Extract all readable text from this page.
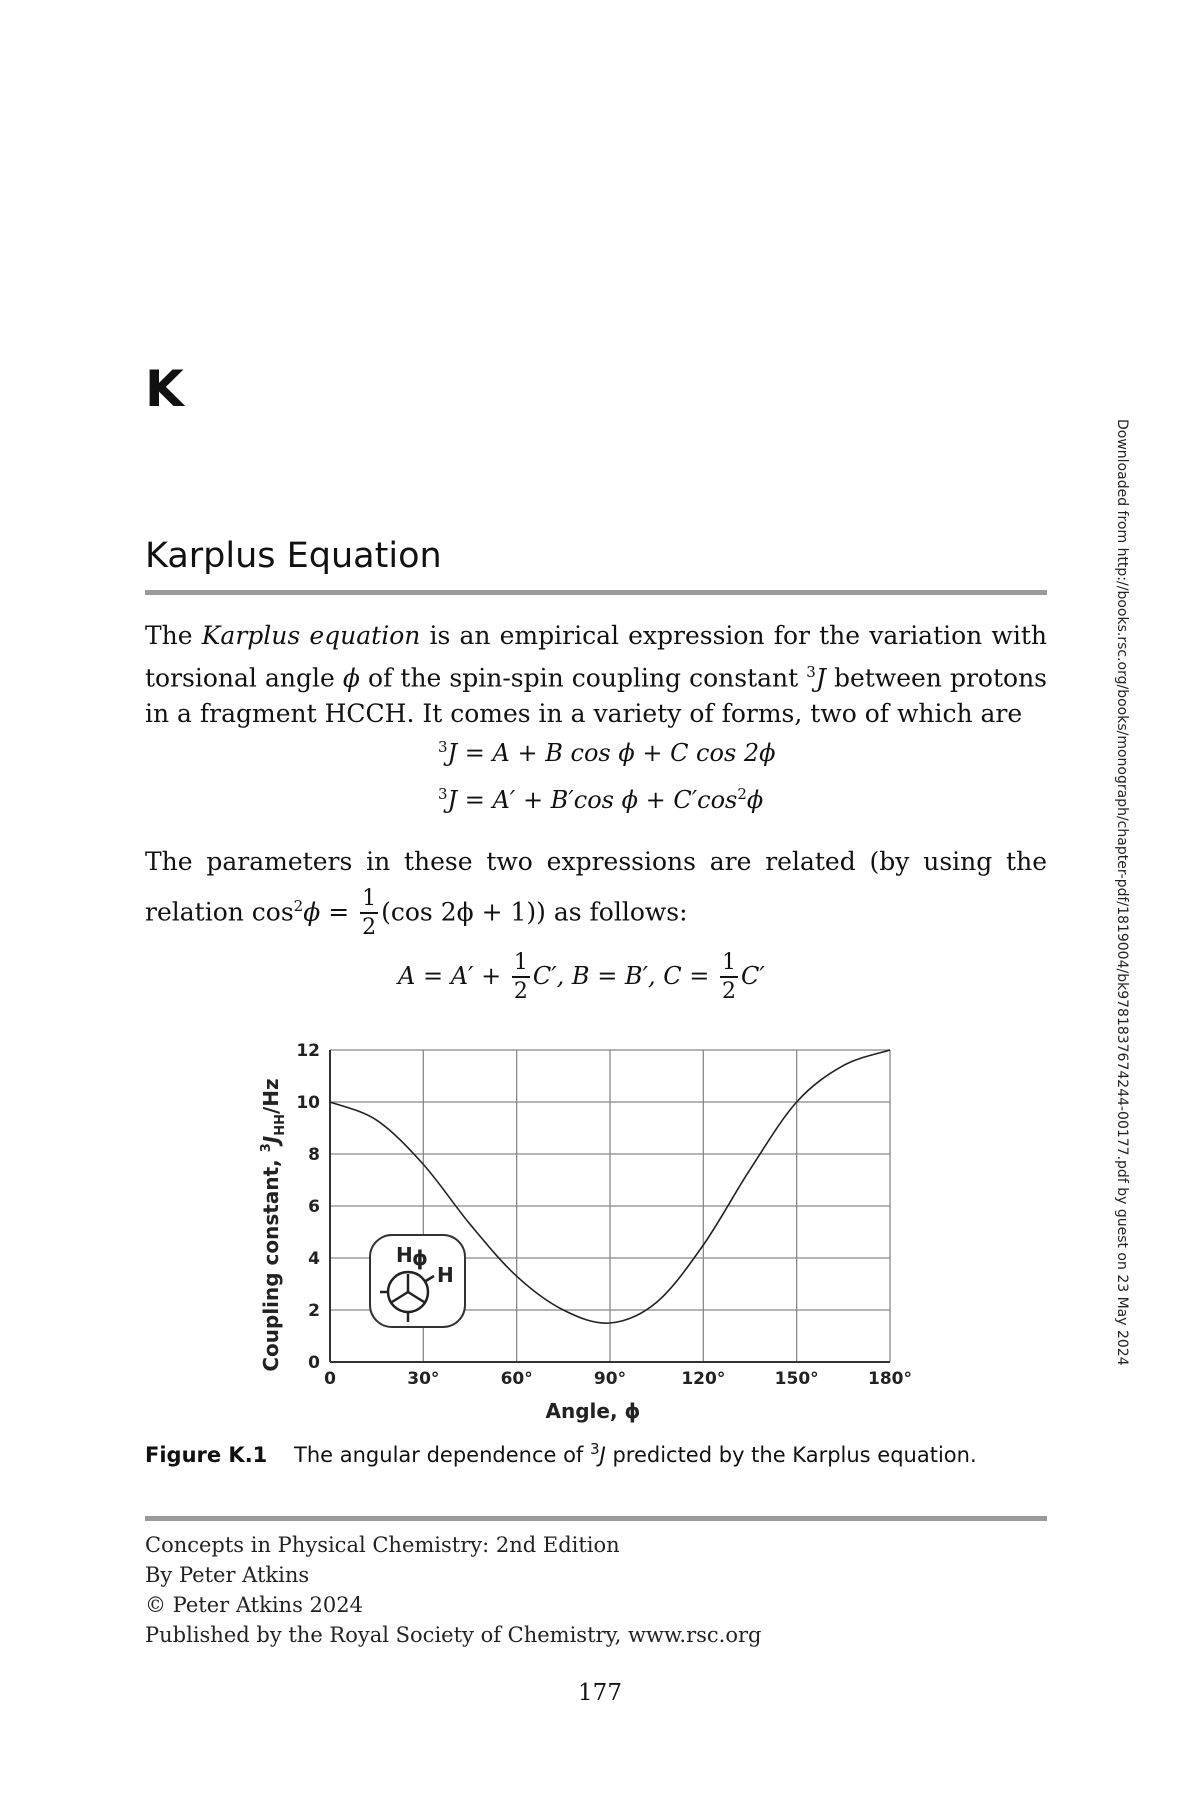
K
Karplus Equation
The Karplus equation is an empirical expression for the variation with torsional angle ϕ of the spin-spin coupling constant $^3$J between protons in a fragment HCCH. It comes in a variety of forms, two of which are
$^3$J = A + B cos ϕ + C cos 2ϕ
$^3$J = A′ + B′cos $\phi + C'\cos^2\phi$
The parameters in these two expressions are related (by using the relation $\cos^2\phi = \frac{1}{2} (\cos$ 2ϕ + 1)) as follows:
$A = A' + \frac{1}{2} C'$, B = B′, $C = \frac{1}{2} C'$
0	30°	60°	90°	120°	150°	180°
0
2
4
6
8
10
12
H ϕ
H
Angle, ϕ
Coupling constant, $^3J_{HH}/Hz$
Figure K.1 The angular dependence of $^3$J predicted by the Karplus equation.
Concepts in Physical Chemistry: 2nd Edition
By Peter Atkins
© Peter Atkins 2024
Published by the Royal Society of Chemistry, www.rsc.org
177
Downloaded from http://books.rsc.org/books/monograph/chapter-pdf/1819004/bk9781837674244-00177.pdf by guest on 23 May 2024
